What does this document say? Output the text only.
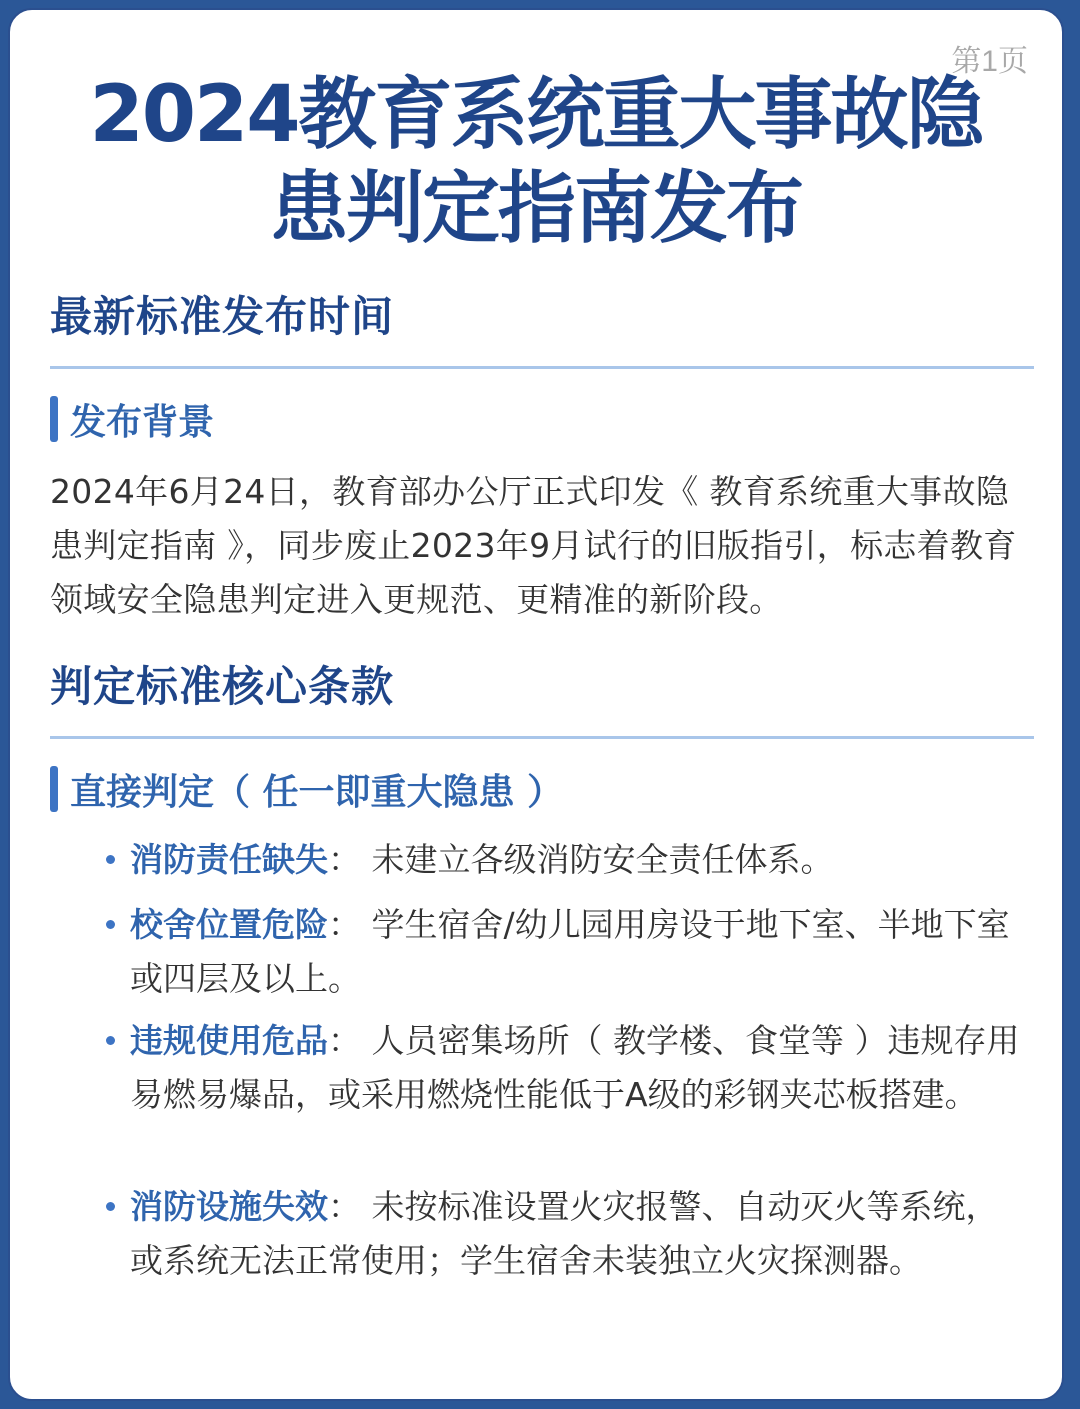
第1页
2024教育系统重大事故隐
患判定指南发布
最新标准发布时间
发布背景
2024年6月24日，教育部办公厅正式印发《 教育系统重大事故隐患判定指南 》，同步废止2023年9月试行的旧版指引，标志着教育领域安全隐患判定进入更规范、更精准的新阶段。
判定标准核心条款
直接判定（ 任一即重大隐患 ）
消防责任缺失： 未建立各级消防安全责任体系。
校舍位置危险： 学生宿舍/幼儿园用房设于地下室、半地下室或四层及以上。
违规使用危品： 人员密集场所（ 教学楼、食堂等 ）违规存用易燃易爆品，或采用燃烧性能低于A级的彩钢夹芯板搭建。
消防设施失效： 未按标准设置火灾报警、自动灭火等系统，或系统无法正常使用；学生宿舍未装独立火灾探测器。
